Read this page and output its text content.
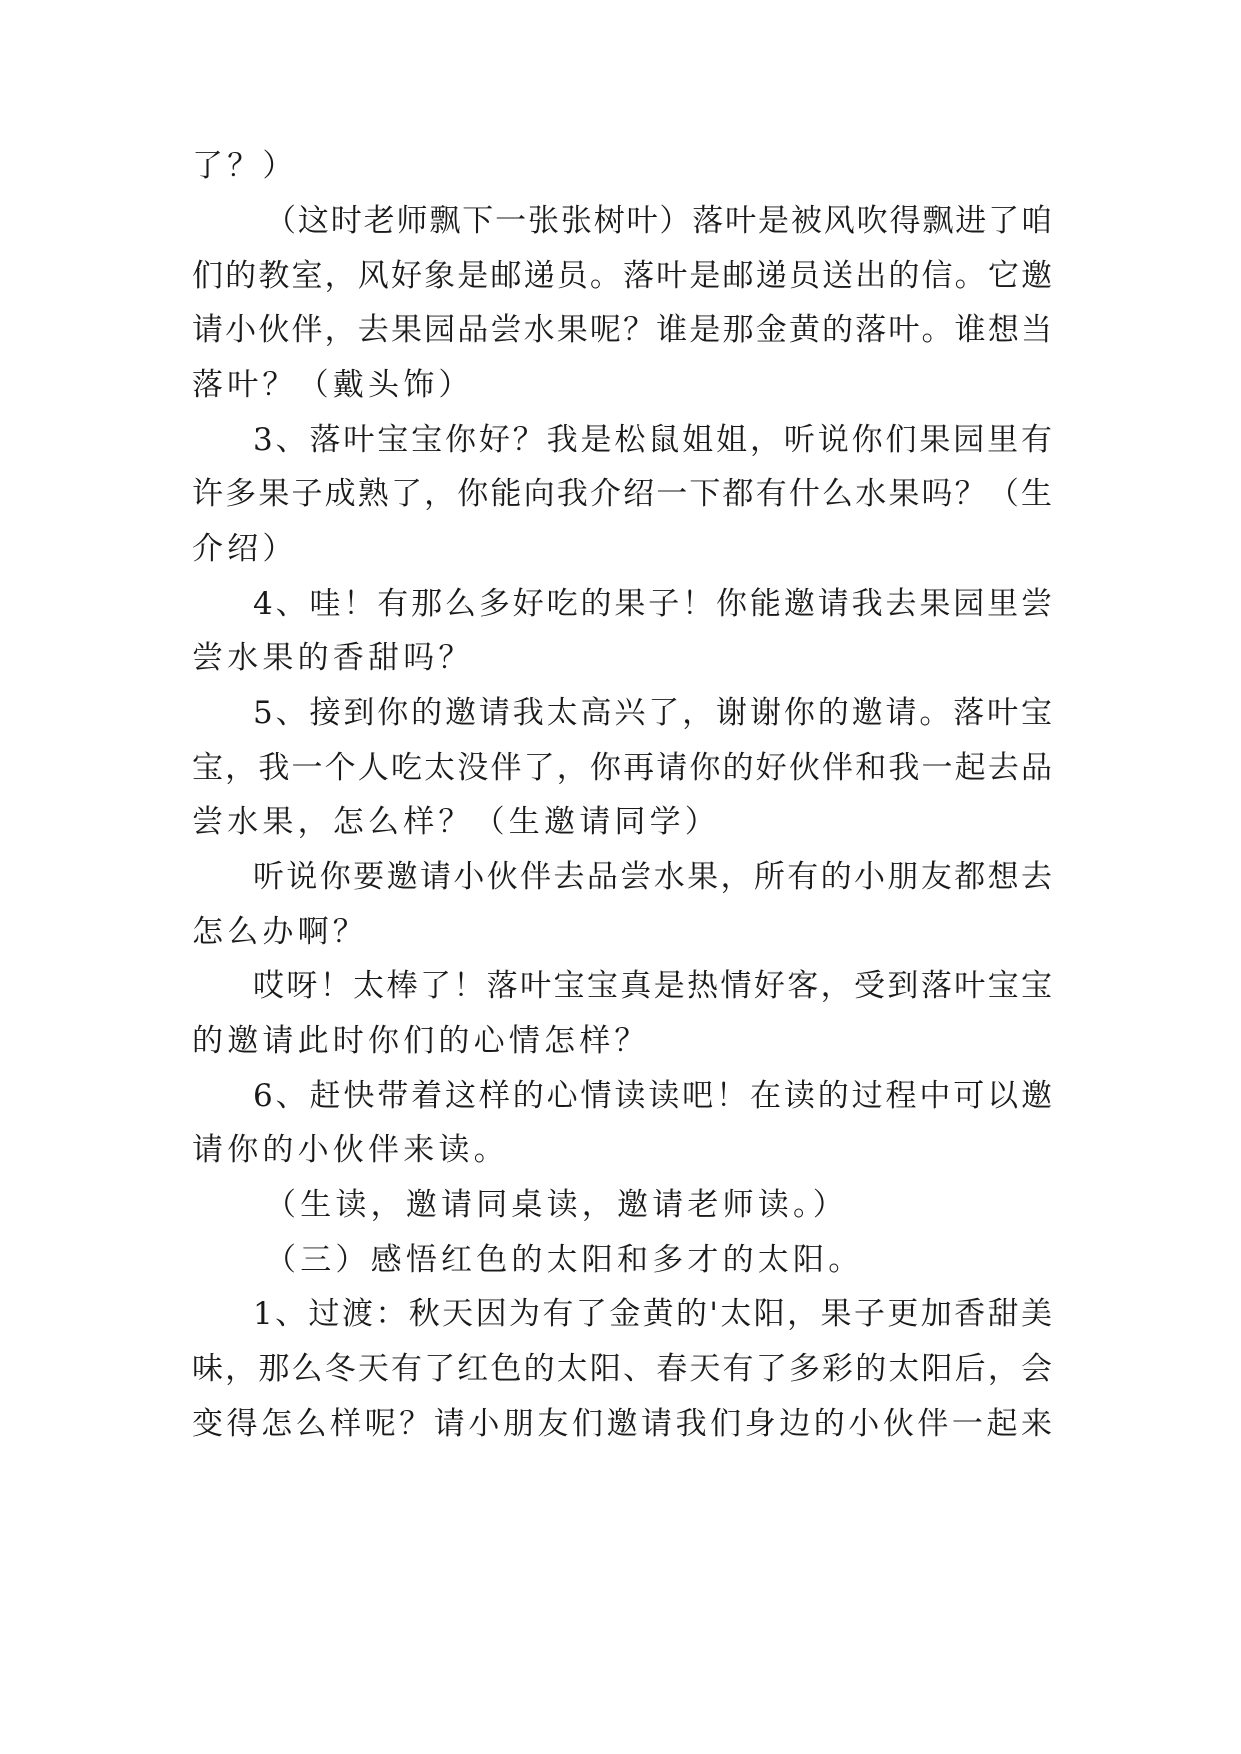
了？）
（这时老师飘下一张张树叶）落叶是被风吹得飘进了咱
们的教室，风好象是邮递员。落叶是邮递员送出的信。它邀
请小伙伴，去果园品尝水果呢？谁是那金黄的落叶。谁想当
落叶？（戴头饰）
3、落叶宝宝你好？我是松鼠姐姐，听说你们果园里有
许多果子成熟了，你能向我介绍一下都有什么水果吗？（生
介绍）
4、哇！有那么多好吃的果子！你能邀请我去果园里尝
尝水果的香甜吗？
5、接到你的邀请我太高兴了，谢谢你的邀请。落叶宝
宝，我一个人吃太没伴了，你再请你的好伙伴和我一起去品
尝水果，怎么样？（生邀请同学）
听说你要邀请小伙伴去品尝水果，所有的小朋友都想去
怎么办啊？
哎呀！太棒了！落叶宝宝真是热情好客，受到落叶宝宝
的邀请此时你们的心情怎样？
6、赶快带着这样的心情读读吧！在读的过程中可以邀
请你的小伙伴来读。
（生读，邀请同桌读，邀请老师读。）
（三）感悟红色的太阳和多才的太阳。
1、过渡：秋天因为有了金黄的'太阳，果子更加香甜美
味，那么冬天有了红色的太阳、春天有了多彩的太阳后，会
变得怎么样呢？请小朋友们邀请我们身边的小伙伴一起来
